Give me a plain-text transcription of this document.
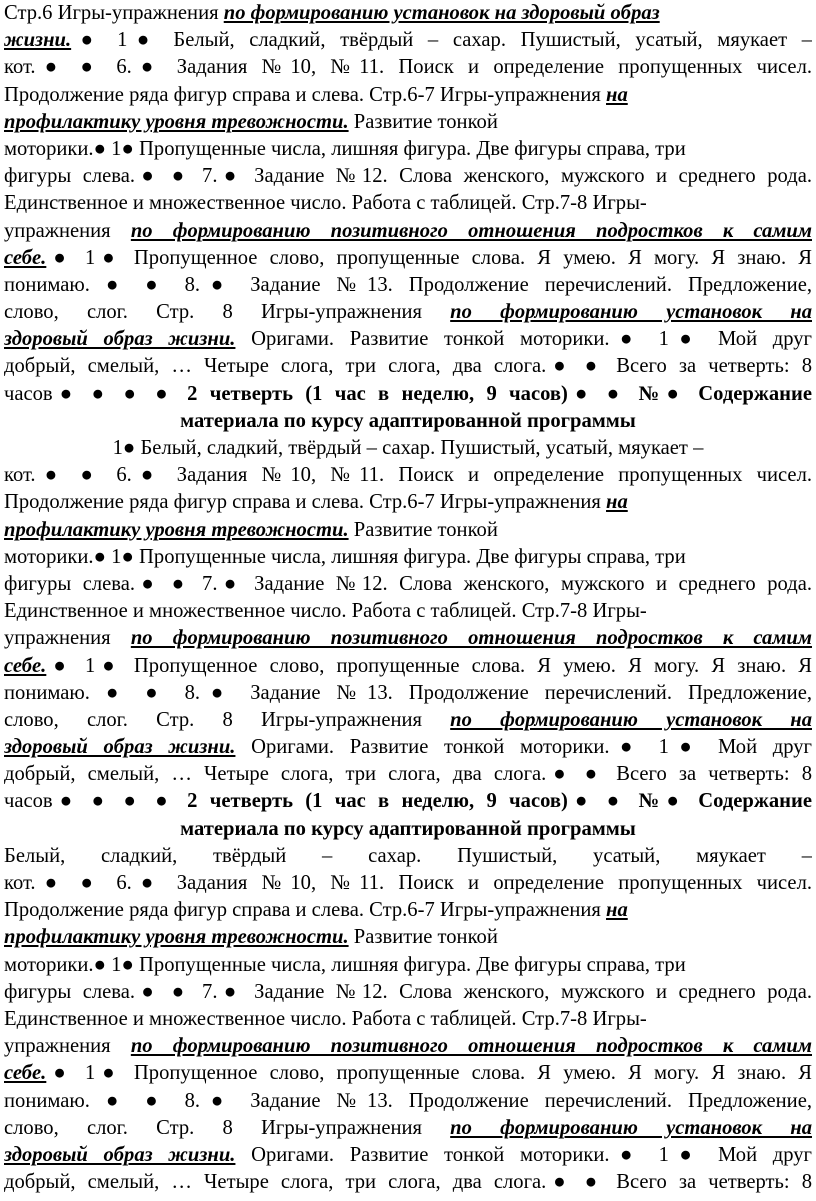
Стр.6 Игры-упражнения по формированию установок на здоровый образ
жизни.● 1● Белый, сладкий, твёрдый – сахар. Пушистый, усатый, мяукает –
кот.● ● 6.● Задания №10, №11. Поиск и определение пропущенных чисел.
Продолжение ряда фигур справа и слева. Стр.6-7 Игры-упражнения на
профилактику уровня тревожности. Развитие тонкой
моторики.● 1● Пропущенные числа, лишняя фигура. Две фигуры справа, три
фигуры слева.● ● 7.● Задание №12. Слова женского, мужского и среднего рода.
Единственное и множественное число. Работа с таблицей. Стр.7-8 Игры-
упражнения по формированию позитивного отношения подростков к самим
себе.● 1● Пропущенное слово, пропущенные слова. Я умею. Я могу. Я знаю. Я
понимаю. ● ● 8.● Задание №13. Продолжение перечислений. Предложение,
слово, слог. Стр. 8 Игры-упражнения по формированию установок на
здоровый образ жизни. Оригами. Развитие тонкой моторики.● 1● Мой друг
добрый, смелый, … Четыре слога, три слога, два слога.● ● Всего за четверть: 8
часов● ● ● ● 2 четверть (1 час в неделю, 9 часов)● ● №● Содержание
материала по курсу адаптированной программы
1● Белый, сладкий, твёрдый – сахар. Пушистый, усатый, мяукает –
кот.● ● 6.● Задания №10, №11. Поиск и определение пропущенных чисел.
Продолжение ряда фигур справа и слева. Стр.6-7 Игры-упражнения на
профилактику уровня тревожности. Развитие тонкой
моторики.● 1● Пропущенные числа, лишняя фигура. Две фигуры справа, три
фигуры слева.● ● 7.● Задание №12. Слова женского, мужского и среднего рода.
Единственное и множественное число. Работа с таблицей. Стр.7-8 Игры-
упражнения по формированию позитивного отношения подростков к самим
себе.● 1● Пропущенное слово, пропущенные слова. Я умею. Я могу. Я знаю. Я
понимаю. ● ● 8.● Задание №13. Продолжение перечислений. Предложение,
слово, слог. Стр. 8 Игры-упражнения по формированию установок на
здоровый образ жизни. Оригами. Развитие тонкой моторики.● 1● Мой друг
добрый, смелый, … Четыре слога, три слога, два слога.● ● Всего за четверть: 8
часов● ● ● ● 2 четверть (1 час в неделю, 9 часов)● ● №● Содержание
материала по курсу адаптированной программы
Белый, сладкий, твёрдый – сахар. Пушистый, усатый, мяукает –
кот.● ● 6.● Задания №10, №11. Поиск и определение пропущенных чисел.
Продолжение ряда фигур справа и слева. Стр.6-7 Игры-упражнения на
профилактику уровня тревожности. Развитие тонкой
моторики.● 1● Пропущенные числа, лишняя фигура. Две фигуры справа, три
фигуры слева.● ● 7.● Задание №12. Слова женского, мужского и среднего рода.
Единственное и множественное число. Работа с таблицей. Стр.7-8 Игры-
упражнения по формированию позитивного отношения подростков к самим
себе.● 1● Пропущенное слово, пропущенные слова. Я умею. Я могу. Я знаю. Я
понимаю. ● ● 8.● Задание №13. Продолжение перечислений. Предложение,
слово, слог. Стр. 8 Игры-упражнения по формированию установок на
здоровый образ жизни. Оригами. Развитие тонкой моторики.● 1● Мой друг
добрый, смелый, … Четыре слога, три слога, два слога.● ● Всего за четверть: 8
